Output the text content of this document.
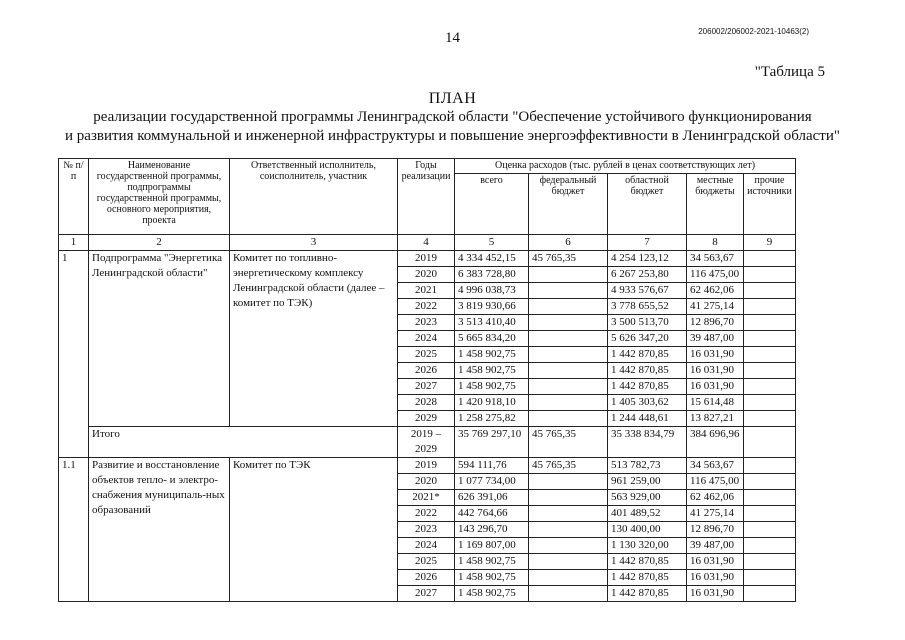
14	206002/206002-2021-10463(2)
"Таблица 5
ПЛАН
реализации государственной программы Ленинградской области "Обеспечение устойчивого функционирования
и развития коммунальной и инженерной инфраструктуры и повышение энергоэффективности в Ленинградской области"
№ п/п	Наименование государственной программы, подпрограммы государственной программы, основного мероприятия, проекта	Ответственный исполнитель, соисполнитель, участник	Годы реализации	Оценка расходов (тыс. рублей в ценах соответствующих лет)				
				всего	федеральный бюджет	областной бюджет	местные бюджеты	прочие источники
1	2	3	4	5	6	7	8	9
1	Подпрограмма "Энергетика Ленинградской области"	Комитет по топливно-энергетическому комплексу Ленинградской области (далее – комитет по ТЭК)	2019	4 334 452,15	45 765,35	4 254 123,12	34 563,67	
			2020	6 383 728,80		6 267 253,80	116 475,00	
			2021	4 996 038,73		4 933 576,67	62 462,06	
			2022	3 819 930,66		3 778 655,52	41 275,14	
			2023	3 513 410,40		3 500 513,70	12 896,70	
			2024	5 665 834,20		5 626 347,20	39 487,00	
			2025	1 458 902,75		1 442 870,85	16 031,90	
			2026	1 458 902,75		1 442 870,85	16 031,90	
			2027	1 458 902,75		1 442 870,85	16 031,90	
			2028	1 420 918,10		1 405 303,62	15 614,48	
			2029	1 258 275,82		1 244 448,61	13 827,21	
	Итого		2019 – 2029	35 769 297,10	45 765,35	35 338 834,79	384 696,96	
1.1	Развитие и восстановление объектов тепло- и электро-снабжения муниципаль-ных образований	Комитет по ТЭК	2019	594 111,76	45 765,35	513 782,73	34 563,67	
			2020	1 077 734,00		961 259,00	116 475,00	
			2021*	626 391,06		563 929,00	62 462,06	
			2022	442 764,66		401 489,52	41 275,14	
			2023	143 296,70		130 400,00	12 896,70	
			2024	1 169 807,00		1 130 320,00	39 487,00	
			2025	1 458 902,75		1 442 870,85	16 031,90	
			2026	1 458 902,75		1 442 870,85	16 031,90	
			2027	1 458 902,75		1 442 870,85	16 031,90	
